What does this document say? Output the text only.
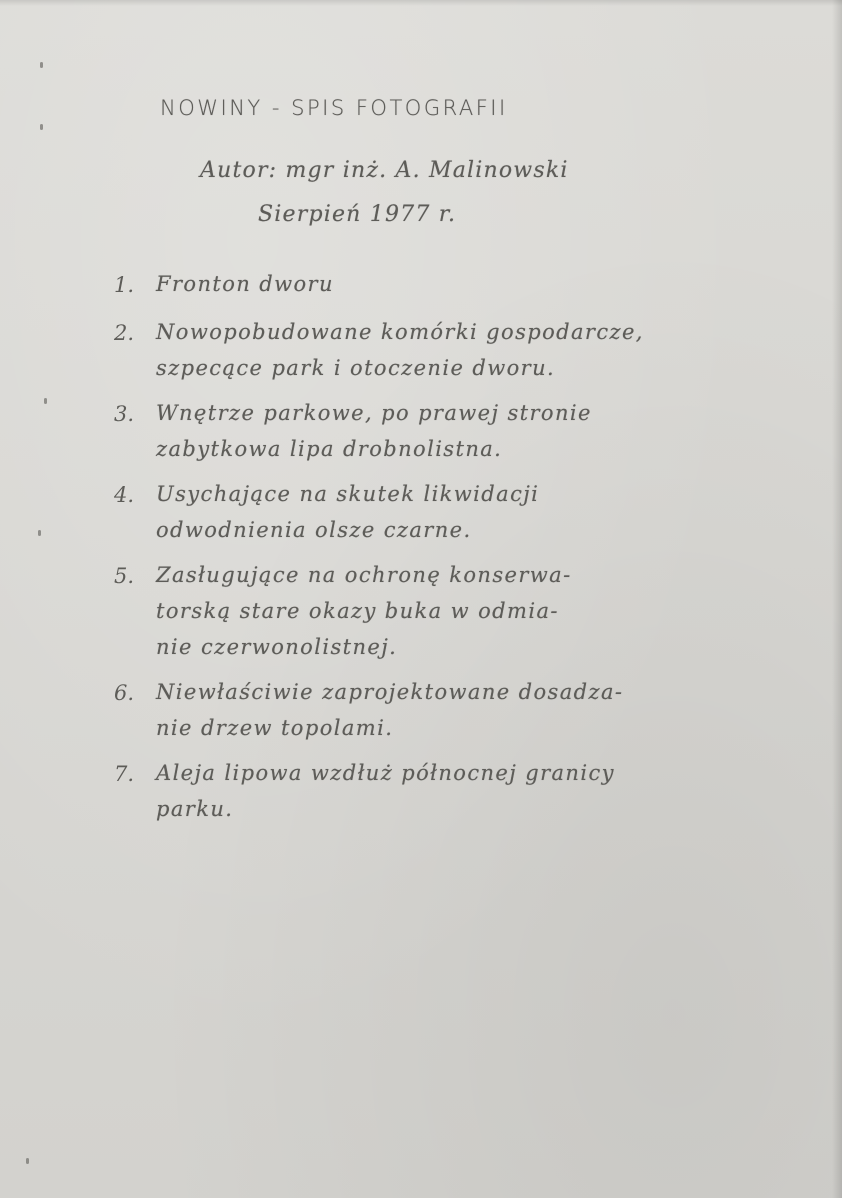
NOWINY - SPIS FOTOGRAFII
Autor: mgr inż. A. Malinowski
Sierpień 1977 r.
1.	Fronton dworu
2.	Nowopobudowane komórki gospodarcze,
szpecące park i otoczenie dworu.
3.	Wnętrze parkowe, po prawej stronie
zabytkowa lipa drobnolistna.
4.	Usychające na skutek likwidacji
odwodnienia olsze czarne.
5.	Zasługujące na ochronę konserwa-
torską stare okazy buka w odmia-
nie czerwonolistnej.
6.	Niewłaściwie zaprojektowane dosadza-
nie drzew topolami.
7.	Aleja lipowa wzdłuż północnej granicy
parku.
